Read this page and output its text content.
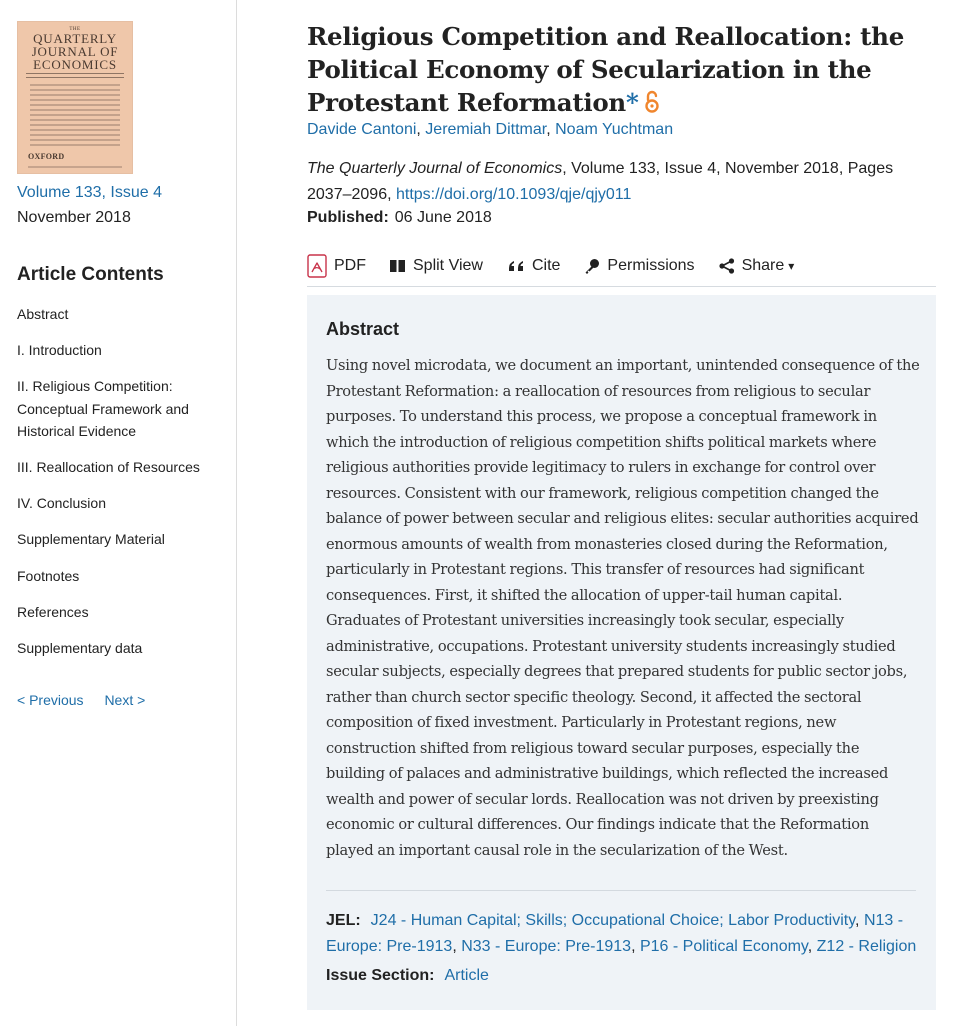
THE
QUARTERLY
JOURNAL OF
ECONOMICS
OXFORD
Volume 133, Issue 4
November 2018
Article Contents
Abstract
I. Introduction
II. Religious Competition: Conceptual Framework and Historical Evidence
III. Reallocation of Resources
IV. Conclusion
Supplementary Material
Footnotes
References
Supplementary data
< Previous Next >
Religious Competition and Reallocation: the Political Economy of Secularization in the Protestant Reformation*
Davide Cantoni, Jeremiah Dittmar, Noam Yuchtman
The Quarterly Journal of Economics, Volume 133, Issue 4, November 2018, Pages 2037–2096, https://doi.org/10.1093/qje/qjy011
Published: 06 June 2018
PDF	Split View	Cite	Permissions	Share ▾
Abstract

Using novel microdata, we document an important, unintended consequence of the Protestant Reformation: a reallocation of resources from religious to secular purposes. To understand this process, we propose a conceptual framework in which the introduction of religious competition shifts political markets where religious authorities provide legitimacy to rulers in exchange for control over resources. Consistent with our framework, religious competition changed the balance of power between secular and religious elites: secular authorities acquired enormous amounts of wealth from monasteries closed during the Reformation, particularly in Protestant regions. This transfer of resources had significant consequences. First, it shifted the allocation of upper-tail human capital. Graduates of Protestant universities increasingly took secular, especially administrative, occupations. Protestant university students increasingly studied secular subjects, especially degrees that prepared students for public sector jobs, rather than church sector specific theology. Second, it affected the sectoral composition of fixed investment. Particularly in Protestant regions, new construction shifted from religious toward secular purposes, especially the building of palaces and administrative buildings, which reflected the increased wealth and power of secular lords. Reallocation was not driven by preexisting economic or cultural differences. Our findings indicate that the Reformation played an important causal role in the secularization of the West.

JEL: J24 - Human Capital; Skills; Occupational Choice; Labor Productivity, N13 - Europe: Pre-1913, N33 - Europe: Pre-1913, P16 - Political Economy, Z12 - Religion
Issue Section: Article
